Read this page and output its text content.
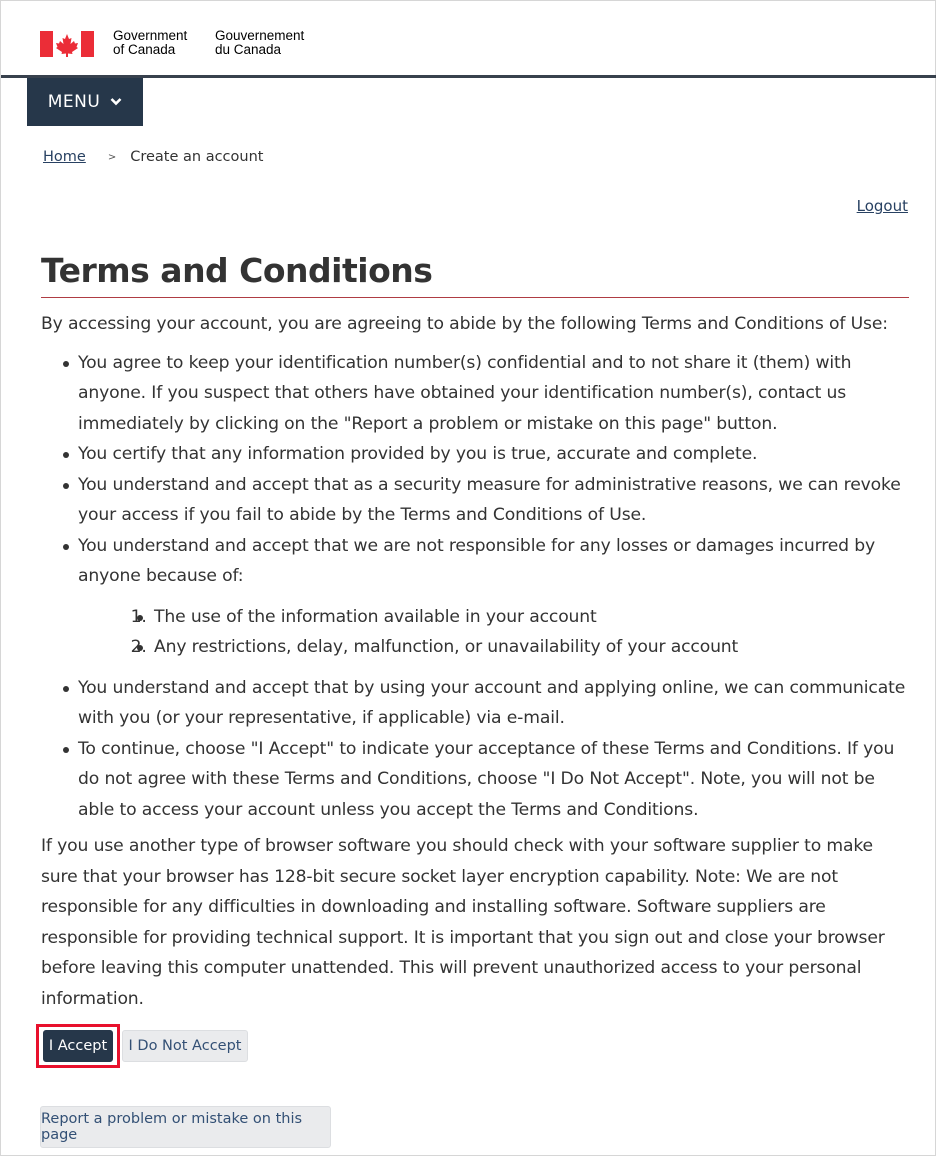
Government
of Canada
Gouvernement
du Canada
MENU
Home > Create an account
Logout
Terms and Conditions

By accessing your account, you are agreeing to abide by the following Terms and Conditions of Use:

You agree to keep your identification number(s) confidential and to not share it (them) with anyone. If you suspect that others have obtained your identification number(s), contact us immediately by clicking on the "Report a problem or mistake on this page" button.
You certify that any information provided by you is true, accurate and complete.
You understand and accept that as a security measure for administrative reasons, we can revoke your access if you fail to abide by the Terms and Conditions of Use.
You understand and accept that we are not responsible for any losses or damages incurred by anyone because of:
1. The use of the information available in your account
2. Any restrictions, delay, malfunction, or unavailability of your account
You understand and accept that by using your account and applying online, we can communicate with you (or your representative, if applicable) via e-mail.
To continue, choose "I Accept" to indicate your acceptance of these Terms and Conditions. If you do not agree with these Terms and Conditions, choose "I Do Not Accept". Note, you will not be able to access your account unless you accept the Terms and Conditions.

If you use another type of browser software you should check with your software supplier to make sure that your browser has 128-bit secure socket layer encryption capability. Note: We are not responsible for any difficulties in downloading and installing software. Software suppliers are responsible for providing technical support. It is important that you sign out and close your browser before leaving this computer unattended. This will prevent unauthorized access to your personal information.

I Accept	I Do Not Accept
Report a problem or mistake on this page
